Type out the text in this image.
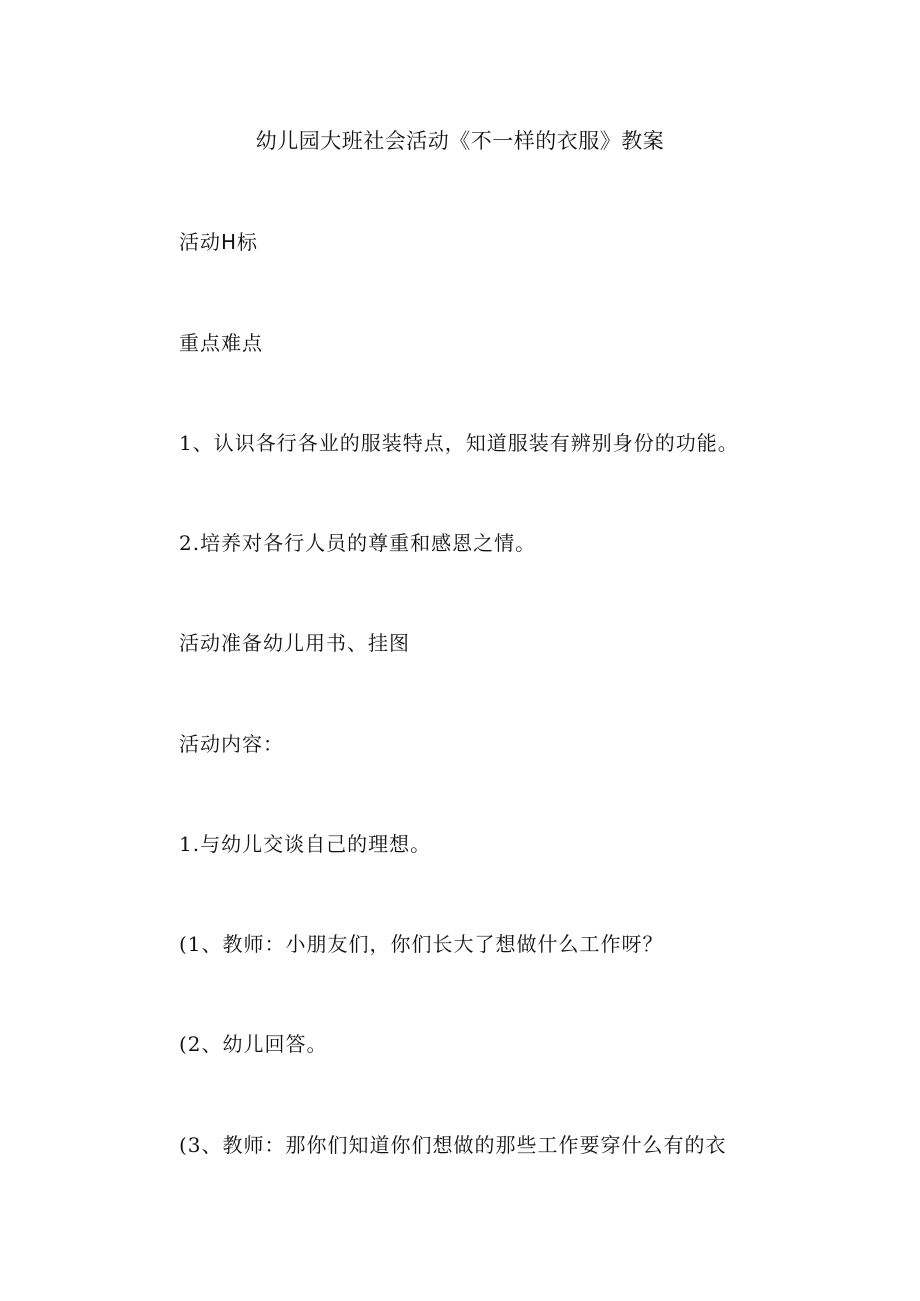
幼儿园大班社会活动《不一样的衣服》教案

活动H标

重点难点

1、认识各行各业的服装特点，知道服装有辨别身份的功能。

2.培养对各行人员的尊重和感恩之情。

活动准备幼儿用书、挂图

活动内容：

1.与幼儿交谈自己的理想。

(1、教师：小朋友们，你们长大了想做什么工作呀？

(2、幼儿回答。

(3、教师：那你们知道你们想做的那些工作要穿什么有的衣
